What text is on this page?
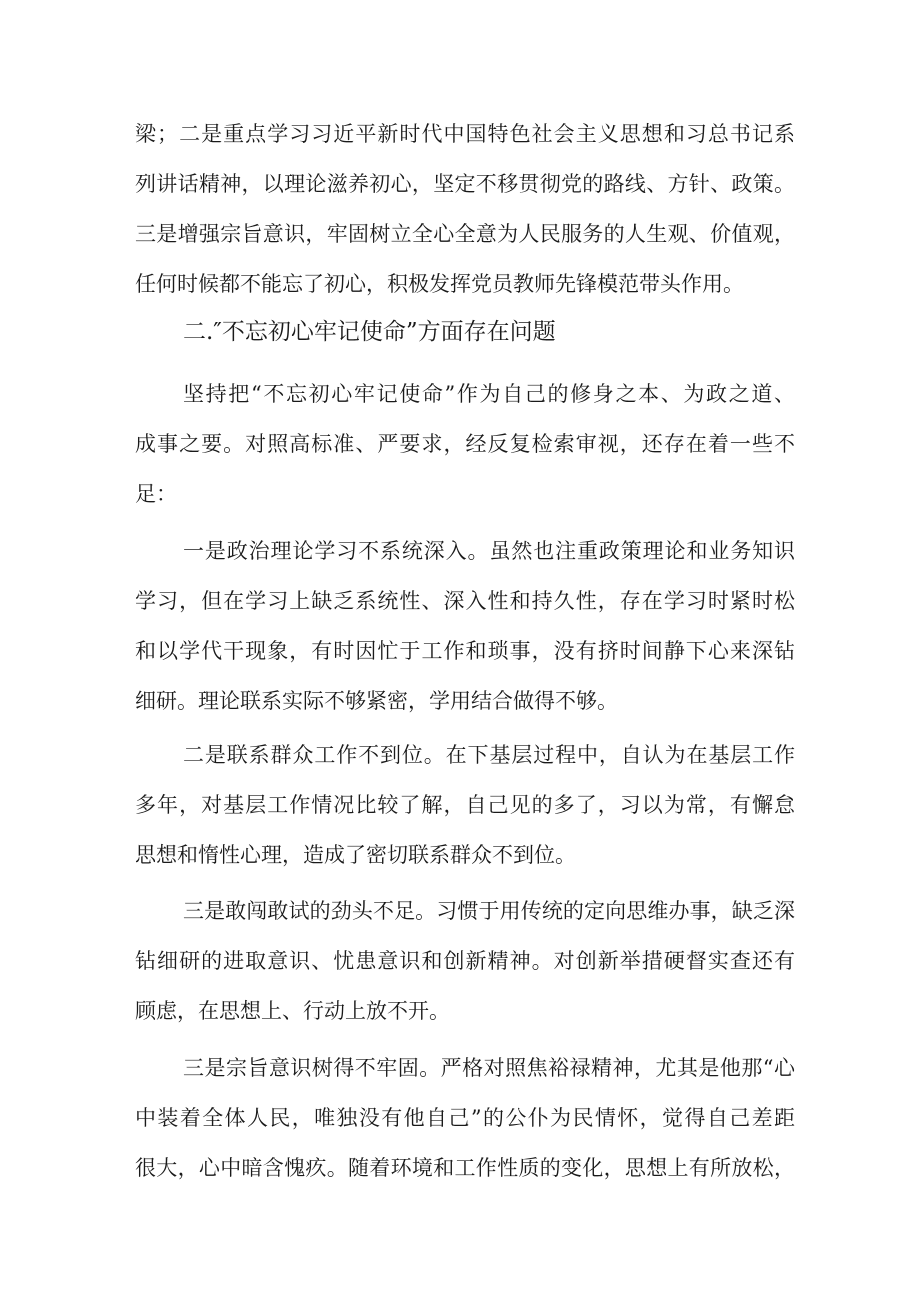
梁；二是重点学习习近平新时代中国特色社会主义思想和习总书记系
列讲话精神，以理论滋养初心，坚定不移贯彻党的路线、方针、政策。
三是增强宗旨意识，牢固树立全心全意为人民服务的人生观、价值观，
任何时候都不能忘了初心，积极发挥党员教师先锋模范带头作用。
二.″不忘初心牢记使命”方面存在问题
坚持把“不忘初心牢记使命”作为自己的修身之本、为政之道、
成事之要。对照高标准、严要求，经反复检索审视，还存在着一些不
足：
一是政治理论学习不系统深入。虽然也注重政策理论和业务知识
学习，但在学习上缺乏系统性、深入性和持久性，存在学习时紧时松
和以学代干现象，有时因忙于工作和琐事，没有挤时间静下心来深钻
细研。理论联系实际不够紧密，学用结合做得不够。
二是联系群众工作不到位。在下基层过程中，自认为在基层工作
多年，对基层工作情况比较了解，自己见的多了，习以为常，有懈怠
思想和惰性心理，造成了密切联系群众不到位。
三是敢闯敢试的劲头不足。习惯于用传统的定向思维办事，缺乏深
钻细研的进取意识、忧患意识和创新精神。对创新举措硬督实查还有
顾虑，在思想上、行动上放不开。
三是宗旨意识树得不牢固。严格对照焦裕禄精神，尤其是他那“心
中装着全体人民，唯独没有他自己”的公仆为民情怀，觉得自己差距
很大，心中暗含愧疚。随着环境和工作性质的变化，思想上有所放松，
